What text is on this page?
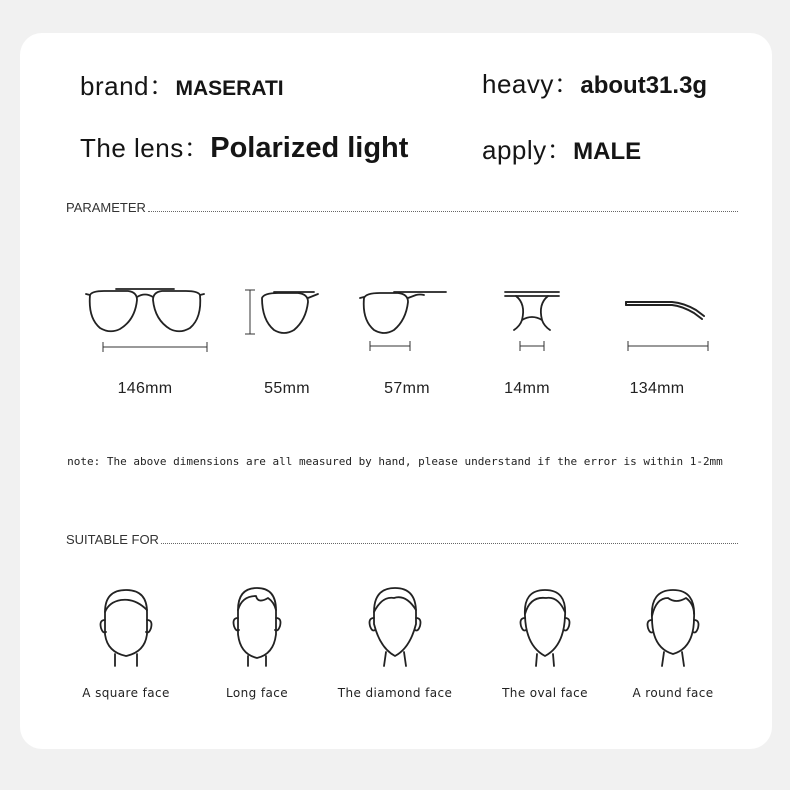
brand：MASERATI	heavy：about31.3g
The lens：Polarized light	apply：MALE
PARAMETER
146mm	55mm	57mm	14mm	134mm
note: The above dimensions are all measured by hand, please understand if the error is within 1-2mm
SUITABLE FOR
A square face	Long face	The diamond face	The oval face	A round face
